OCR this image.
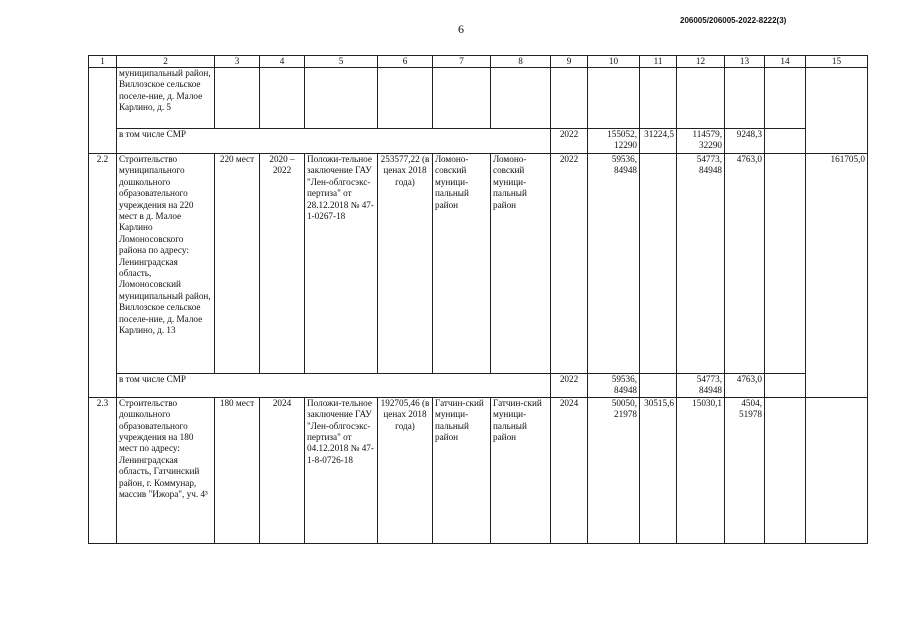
6
206005/206005-2022-8222(3)
1	2	3	4	5	6	7	8	9	10	11	12	13	14	15
	муниципальный район, Виллозское сельское поселе-ние, д. Малое Карлино, д. 5													
	в том числе СМР							2022	155052, 12290	31224,5	114579, 32290	9248,3		
2.2	Строительство муниципального дошкольного образовательного учреждения на 220 мест в д. Малое Карлино Ломоносовского района по адресу: Ленинградская область, Ломоносовский муниципальный район, Виллозское сельское поселе-ние, д. Малое Карлино, д. 13	220 мест	2020 – 2022	Положи-тельное заключение ГАУ "Лен-облгосэкс-пертиза" от 28.12.2018 № 47-1-0267-18	253577,22 (в ценах 2018 года)	Ломоно-совский муници-пальный район	Ломоно-совский муници-пальный район	2022	59536, 84948		54773, 84948	4763,0		161705,0
	в том числе СМР							2022	59536, 84948		54773, 84948	4763,0		
2.3	Строительство дошкольного образовательного учреждения на 180 мест по адресу: Ленинградская область, Гатчинский район, г. Коммунар, массив "Ижора", уч. 4³	180 мест	2024	Положи-тельное заключение ГАУ "Лен-облгосэкс-пертиза" от 04.12.2018 № 47-1-8-0726-18	192705,46 (в ценах 2018 года)	Гатчин-ский муници-пальный район	Гатчин-ский муници-пальный район	2024	50050, 21978	30515,6	15030,1	4504, 51978		
